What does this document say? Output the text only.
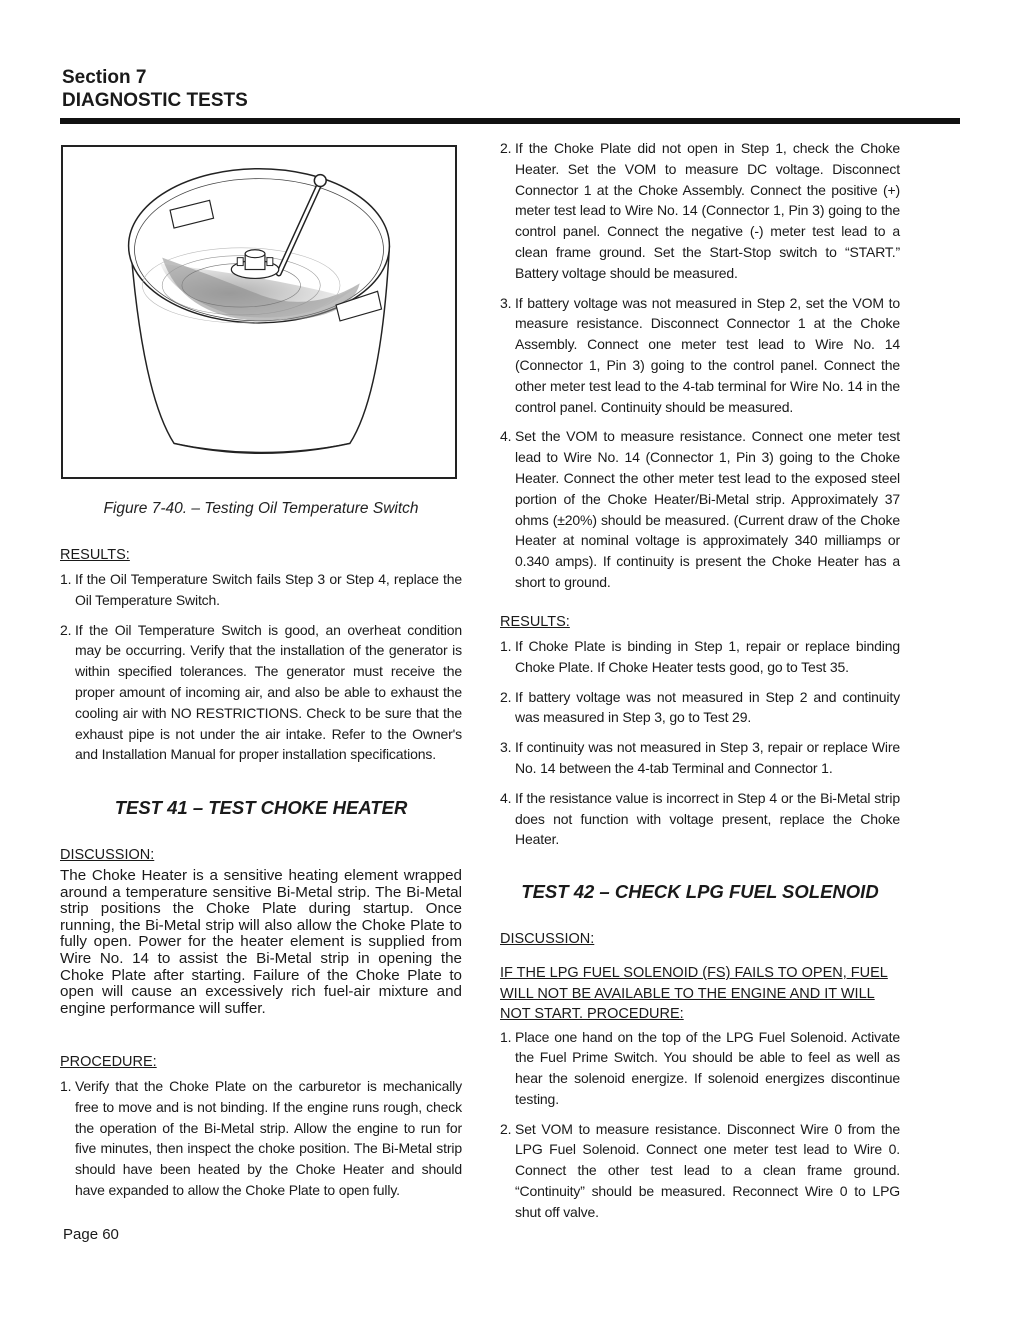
Section 7
DIAGNOSTIC TESTS
Figure 7-40. – Testing Oil Temperature Switch

RESULTS:

1. If the Oil Temperature Switch fails Step 3 or Step 4, replace the Oil Temperature Switch.
2. If the Oil Temperature Switch is good, an overheat condition may be occurring. Verify that the installation of the generator is within specified tolerances. The generator must receive the proper amount of incoming air, and also be able to exhaust the cooling air with NO RESTRICTIONS. Check to be sure that the exhaust pipe is not under the air intake. Refer to the Owner's and Installation Manual for proper installation specifications.
TEST 41 – TEST CHOKE HEATER

DISCUSSION:

The Choke Heater is a sensitive heating element wrapped around a temperature sensitive Bi-Metal strip. The Bi-Metal strip positions the Choke Plate during startup. Once running, the Bi-Metal strip will also allow the Choke Plate to fully open. Power for the heater element is supplied from Wire No. 14 to assist the Bi-Metal strip in opening the Choke Plate after starting. Failure of the Choke Plate to open will cause an excessively rich fuel-air mixture and engine performance will suffer.

PROCEDURE:

1. Verify that the Choke Plate on the carburetor is mechanically free to move and is not binding. If the engine runs rough, check the operation of the Bi-Metal strip. Allow the engine to run for five minutes, then inspect the choke position. The Bi-Metal strip should have been heated by the Choke Heater and should have expanded to allow the Choke Plate to open fully.
2. If the Choke Plate did not open in Step 1, check the Choke Heater. Set the VOM to measure DC voltage. Disconnect Connector 1 at the Choke Assembly. Connect the positive (+) meter test lead to Wire No. 14 (Connector 1, Pin 3) going to the control panel. Connect the negative (-) meter test lead to a clean frame ground. Set the Start-Stop switch to “START.” Battery voltage should be measured.
3. If battery voltage was not measured in Step 2, set the VOM to measure resistance. Disconnect Connector 1 at the Choke Assembly. Connect one meter test lead to Wire No. 14 (Connector 1, Pin 3) going to the control panel. Connect the other meter test lead to the 4-tab terminal for Wire No. 14 in the control panel. Continuity should be measured.
4. Set the VOM to measure resistance. Connect one meter test lead to Wire No. 14 (Connector 1, Pin 3) going to the Choke Heater. Connect the other meter test lead to the exposed steel portion of the Choke Heater/Bi-Metal strip. Approximately 37 ohms (±20%) should be measured. (Current draw of the Choke Heater at nominal voltage is approximately 340 milliamps or 0.340 amps). If continuity is present the Choke Heater has a short to ground.

RESULTS:

1. If Choke Plate is binding in Step 1, repair or replace binding Choke Plate. If Choke Heater tests good, go to Test 35.
2. If battery voltage was not measured in Step 2 and continuity was measured in Step 3, go to Test 29.
3. If continuity was not measured in Step 3, repair or replace Wire No. 14 between the 4-tab Terminal and Connector 1.
4. If the resistance value is incorrect in Step 4 or the Bi-Metal strip does not function with voltage present, replace the Choke Heater.
TEST 42 – CHECK LPG FUEL SOLENOID

DISCUSSION:

IF THE LPG FUEL SOLENOID (FS) FAILS TO OPEN, FUEL WILL NOT BE AVAILABLE TO THE ENGINE AND IT WILL NOT START. PROCEDURE:

1. Place one hand on the top of the LPG Fuel Solenoid. Activate the Fuel Prime Switch. You should be able to feel as well as hear the solenoid energize. If solenoid energizes discontinue testing.
2. Set VOM to measure resistance. Disconnect Wire 0 from the LPG Fuel Solenoid. Connect one meter test lead to Wire 0. Connect the other test lead to a clean frame ground. “Continuity” should be measured. Reconnect Wire 0 to LPG shut off valve.
Page 60
